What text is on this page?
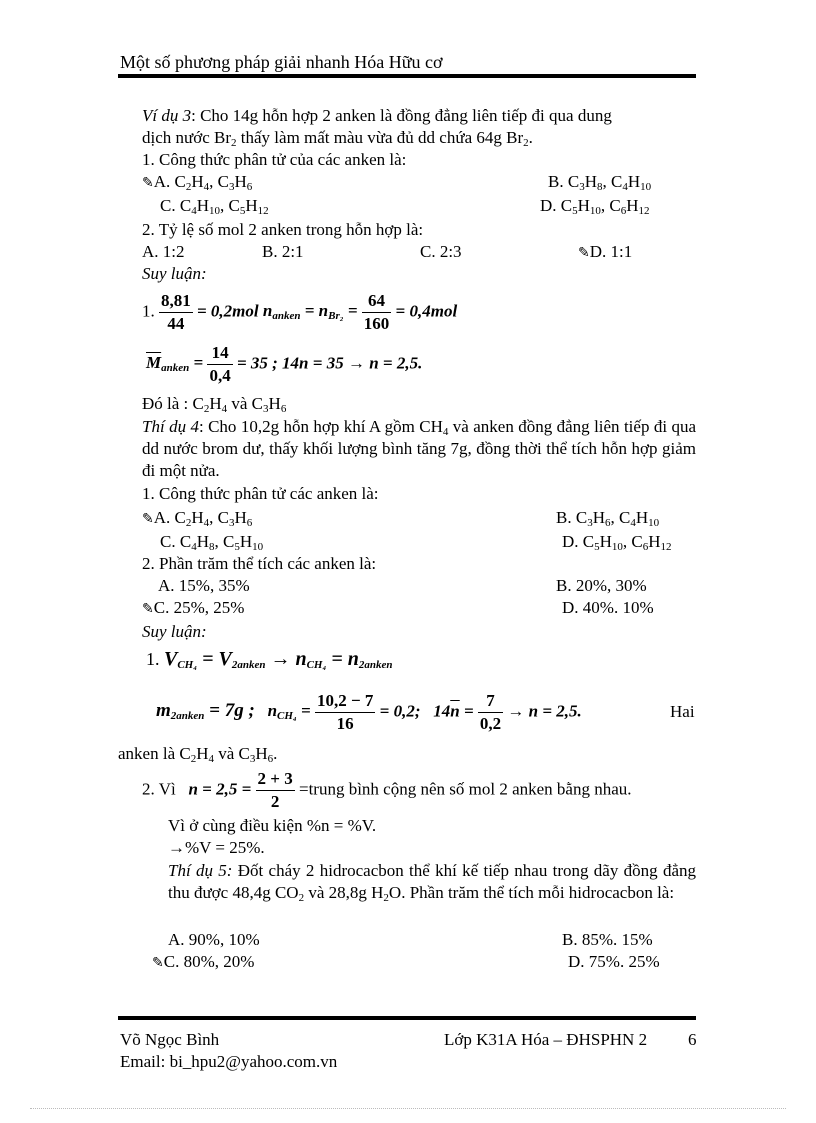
Một số phương pháp giải nhanh Hóa Hữu cơ
Ví dụ 3: Cho 14g hỗn hợp 2 anken là đồng đẳng liên tiếp đi qua dung
dịch nước $Br_2$ thấy làm mất màu vừa đủ dd chứa 64g $Br_2$.
1. Công thức phân tử của các anken là:
✎A. $C_2H_4$, $C_3H_6$	B. $C_3H_8$, $C_4H_{10}$
C. $C_4H_{10}$, $C_5H_{12}$	D. $C_5H_{10}$, $C_6H_{12}$
2. Tỷ lệ số mol 2 anken trong hỗn hợp là:
A. 1:2	B. 2:1	C. 2:3	✎D. 1:1
Suy luận:
1. $\frac{8,81}{44} = 0,2mol$ $n_{anken} = n_{Br_2} = \frac{64}{160} = 0,4mol$
$\overline{M}_{anken} = \frac{14}{0,4} = 35$ ; 14n = 35 → n = 2,5.
Đó là : $C_2H_4$ và $C_3H_6$
Thí dụ 4: Cho 10,2g hỗn hợp khí A gồm $CH_4$ và anken đồng đẳng liên tiếp đi qua dd nước brom dư, thấy khối lượng bình tăng 7g, đồng thời thể tích hỗn hợp giảm đi một nửa.
1. Công thức phân tử các anken là:
✎A. $C_2H_4$, $C_3H_6$	B. $C_3H_6$, $C_4H_{10}$
C. $C_4H_8$, $C_5H_{10}$	D. $C_5H_{10}$, $C_6H_{12}$
2. Phần trăm thể tích các anken là:
A. 15%, 35%	B. 20%, 30%
✎C. 25%, 25%	D. 40%. 10%
Suy luận:
1. $V_{CH_4} = V_{2anken} \to n_{CH_4} = n_{2anken}$
$m_{2anken} = 7g$ ; $n_{CH_4} = \frac{10,2 - 7}{16} = 0,2$; $14\overline{n} = \frac{7}{0,2} \to n = 2,5$.	Hai
anken là $C_2H_4$ và $C_3H_6$.
2. Vì $n = 2,5 = \frac{2 + 3}{2}$ =trung bình cộng nên số mol 2 anken bằng nhau.
Vì ở cùng điều kiện %n = %V.
→%V = 25%.
Thí dụ 5: Đốt cháy 2 hidrocacbon thể khí kế tiếp nhau trong dãy đồng đẳng thu được 48,4g $CO_2$ và 28,8g $H_2O$. Phần trăm thể tích mỗi hidrocacbon là:
A. 90%, 10%	B. 85%. 15%
✎C. 80%, 20%	D. 75%. 25%
Võ Ngọc Bình	Lớp K31A Hóa – ĐHSPHN 2 6
Email: bi_hpu2@yahoo.com.vn
